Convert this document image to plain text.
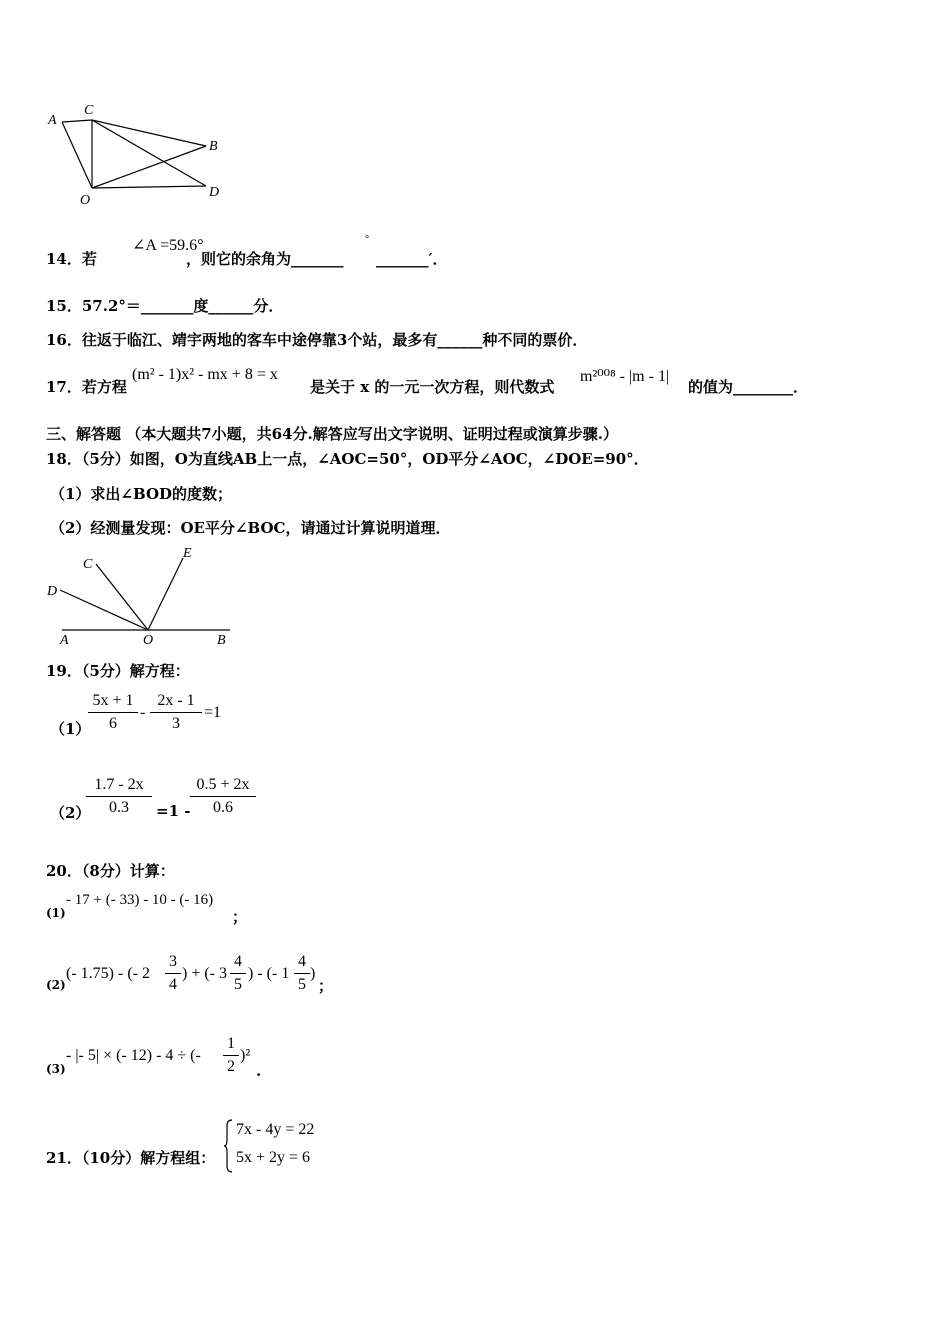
A
C
B
O
D
14．若
∠A =59.6°
，则它的余角为_______
°
_______′．
15．57.2°＝_______度______分．
16．往返于临江、靖宇两地的客车中途停靠3个站，最多有______种不同的票价．
17．若方程
(m² - 1)x² - mx + 8 = x
是关于 x 的一元一次方程，则代数式
m²⁰⁰⁸ - |m - 1|
的值为________．
三、解答题 （本大题共7小题，共64分.解答应写出文字说明、证明过程或演算步骤.）
18．（5分）如图，O为直线AB上一点，∠AOC=50°，OD平分∠AOC，∠DOE=90°．
（1）求出∠BOD的度数；
（2）经测量发现：OE平分∠BOC，请通过计算说明道理．
C
E
D
A	O	B
19．（5分）解方程：
（1）
$\frac{5x + 1}{6} - \frac{2x - 1}{3} =1$
（2）
$\frac{1.7 - 2x}{0.3} =1 - \frac{0.5 + 2x}{0.6}$
20．（8分）计算：
(1)
- 17 + (- 33) - 10 - (- 16)
；
(2)
(- 1.75) - (- $2 \frac{3}{4}$ ) + (- $3 \frac{4}{5}$ ) - (- $1 \frac{4}{5}$ )
；
(3)
- |- 5| × (- 12) - 4 ÷ (- $\frac{1}{2} )^2$
.
21．（10分）解方程组：
7x - 4y = 22
5x + 2y = 6
